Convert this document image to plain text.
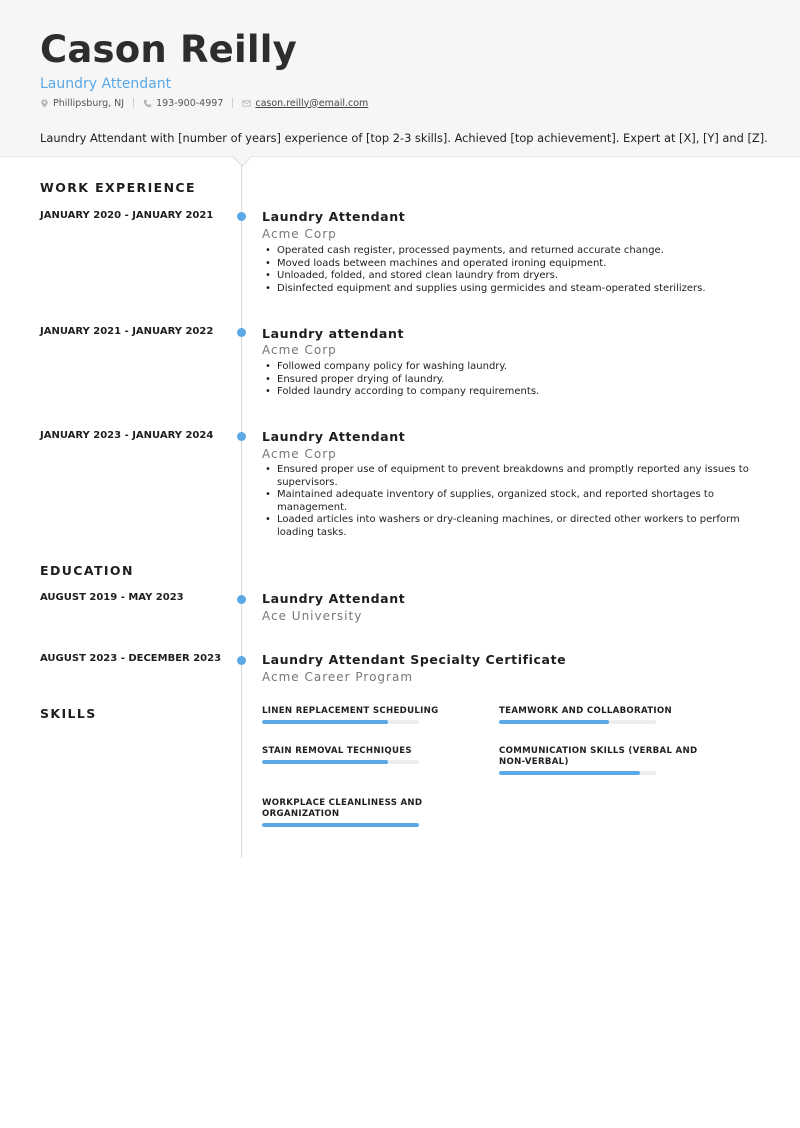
Cason Reilly
Laundry Attendant
Phillipsburg, NJ	193-900-4997	cason.reilly@email.com
Laundry Attendant with [number of years] experience of [top 2-3 skills]. Achieved [top achievement]. Expert at [X], [Y] and [Z].
WORK EXPERIENCE
JANUARY 2020 - JANUARY 2021	Laundry Attendant
Acme Corp
• Operated cash register, processed payments, and returned accurate change.
• Moved loads between machines and operated ironing equipment.
• Unloaded, folded, and stored clean laundry from dryers.
• Disinfected equipment and supplies using germicides and steam-operated sterilizers.
JANUARY 2021 - JANUARY 2022	Laundry attendant
Acme Corp
• Followed company policy for washing laundry.
• Ensured proper drying of laundry.
• Folded laundry according to company requirements.
JANUARY 2023 - JANUARY 2024	Laundry Attendant
Acme Corp
• Ensured proper use of equipment to prevent breakdowns and promptly reported any issues to supervisors.
• Maintained adequate inventory of supplies, organized stock, and reported shortages to management.
• Loaded articles into washers or dry-cleaning machines, or directed other workers to perform loading tasks.
EDUCATION
AUGUST 2019 - MAY 2023	Laundry Attendant
Ace University
AUGUST 2023 - DECEMBER 2023	Laundry Attendant Specialty Certificate
Acme Career Program
SKILLS	LINEN REPLACEMENT SCHEDULING	TEAMWORK AND COLLABORATION
STAIN REMOVAL TECHNIQUES	COMMUNICATION SKILLS (VERBAL AND NON-VERBAL)
WORKPLACE CLEANLINESS AND ORGANIZATION
